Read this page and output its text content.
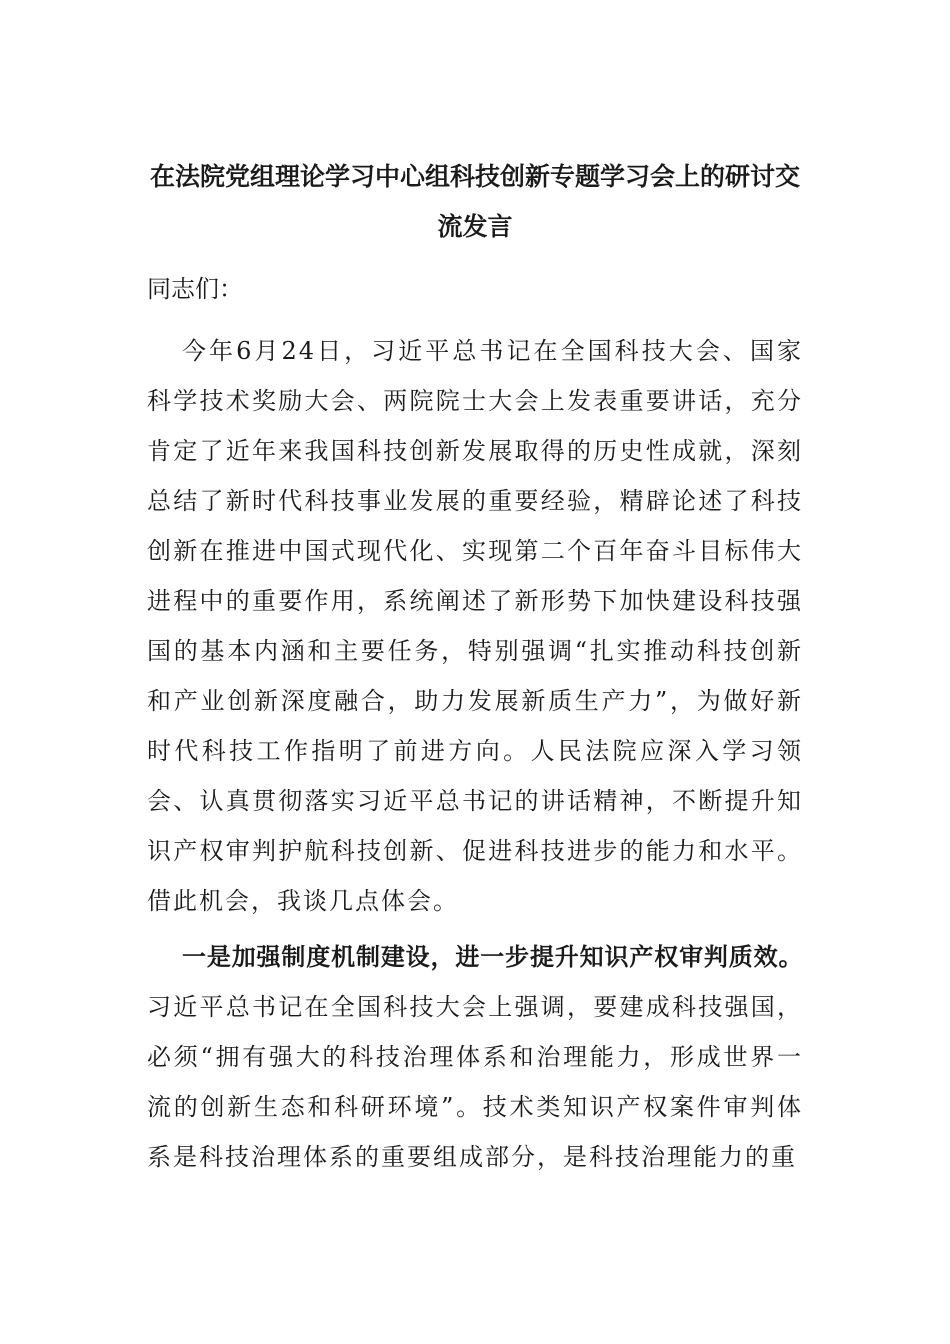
在法院党组理论学习中心组科技创新专题学习会上的研讨交流发言
同志们：
今年6月24日，习近平总书记在全国科技大会、国家科学技术奖励大会、两院院士大会上发表重要讲话，充分肯定了近年来我国科技创新发展取得的历史性成就，深刻总结了新时代科技事业发展的重要经验，精辟论述了科技创新在推进中国式现代化、实现第二个百年奋斗目标伟大进程中的重要作用，系统阐述了新形势下加快建设科技强国的基本内涵和主要任务，特别强调“扎实推动科技创新和产业创新深度融合，助力发展新质生产力”，为做好新时代科技工作指明了前进方向。人民法院应深入学习领会、认真贯彻落实习近平总书记的讲话精神，不断提升知识产权审判护航科技创新、促进科技进步的能力和水平。借此机会，我谈几点体会。
一是加强制度机制建设，进一步提升知识产权审判质效。习近平总书记在全国科技大会上强调，要建成科技强国，必须“拥有强大的科技治理体系和治理能力，形成世界一流的创新生态和科研环境”。技术类知识产权案件审判体系是科技治理体系的重要组成部分，是科技治理能力的重
